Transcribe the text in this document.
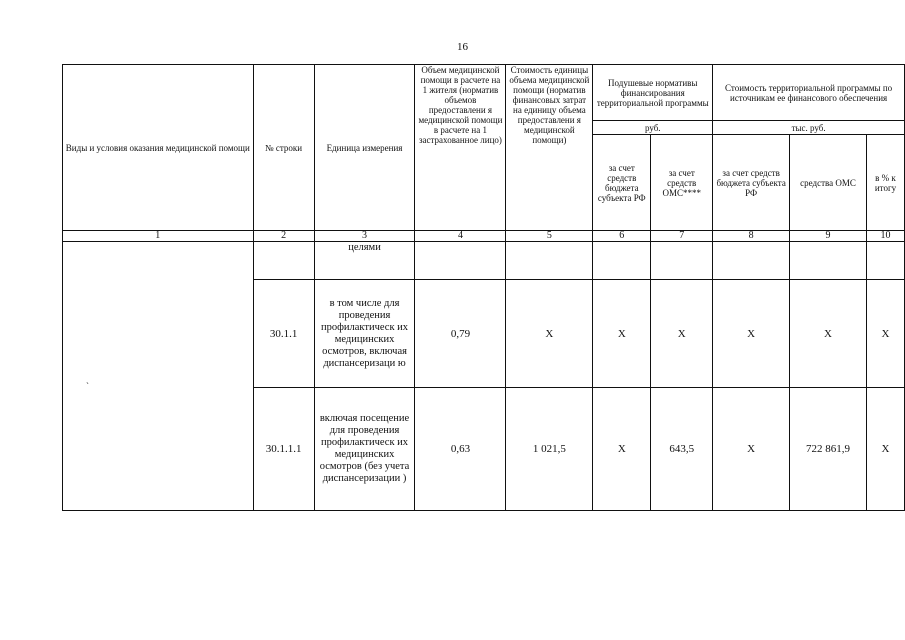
16
Виды и условия оказания медицинской помощи	№ строки	Единица измерения	Объем медицинской помощи в расчете на 1 жителя (норматив объемов предоставлени я медицинской помощи в расчете на 1 застрахованное лицо)	Стоимость единицы объема медицинской помощи (норматив финансовых затрат на единицу объема предоставлени я медицинской помощи)	Подушевые нормативы финансирования территориальной программы		Стоимость территориальной программы по источникам ее финансового обеспечения		
					руб.		тыс. руб.		
					за счет средств бюджета субъекта РФ	за счет средств ОМС****	за счет средств бюджета субъекта РФ	средства ОМС	в % к итогу
1	2	3	4	5	6	7	8	9	10
		целями							
	30.1.1	в том числе для проведения профилактическ их медицинских осмотров, включая диспансеризаци ю	0,79	Х	Х	Х	Х	Х	Х
	30.1.1.1	включая посещение для проведения профилактическ их медицинских осмотров (без учета диспансеризации )	0,63	1 021,5	Х	643,5	Х	722 861,9	Х
`
